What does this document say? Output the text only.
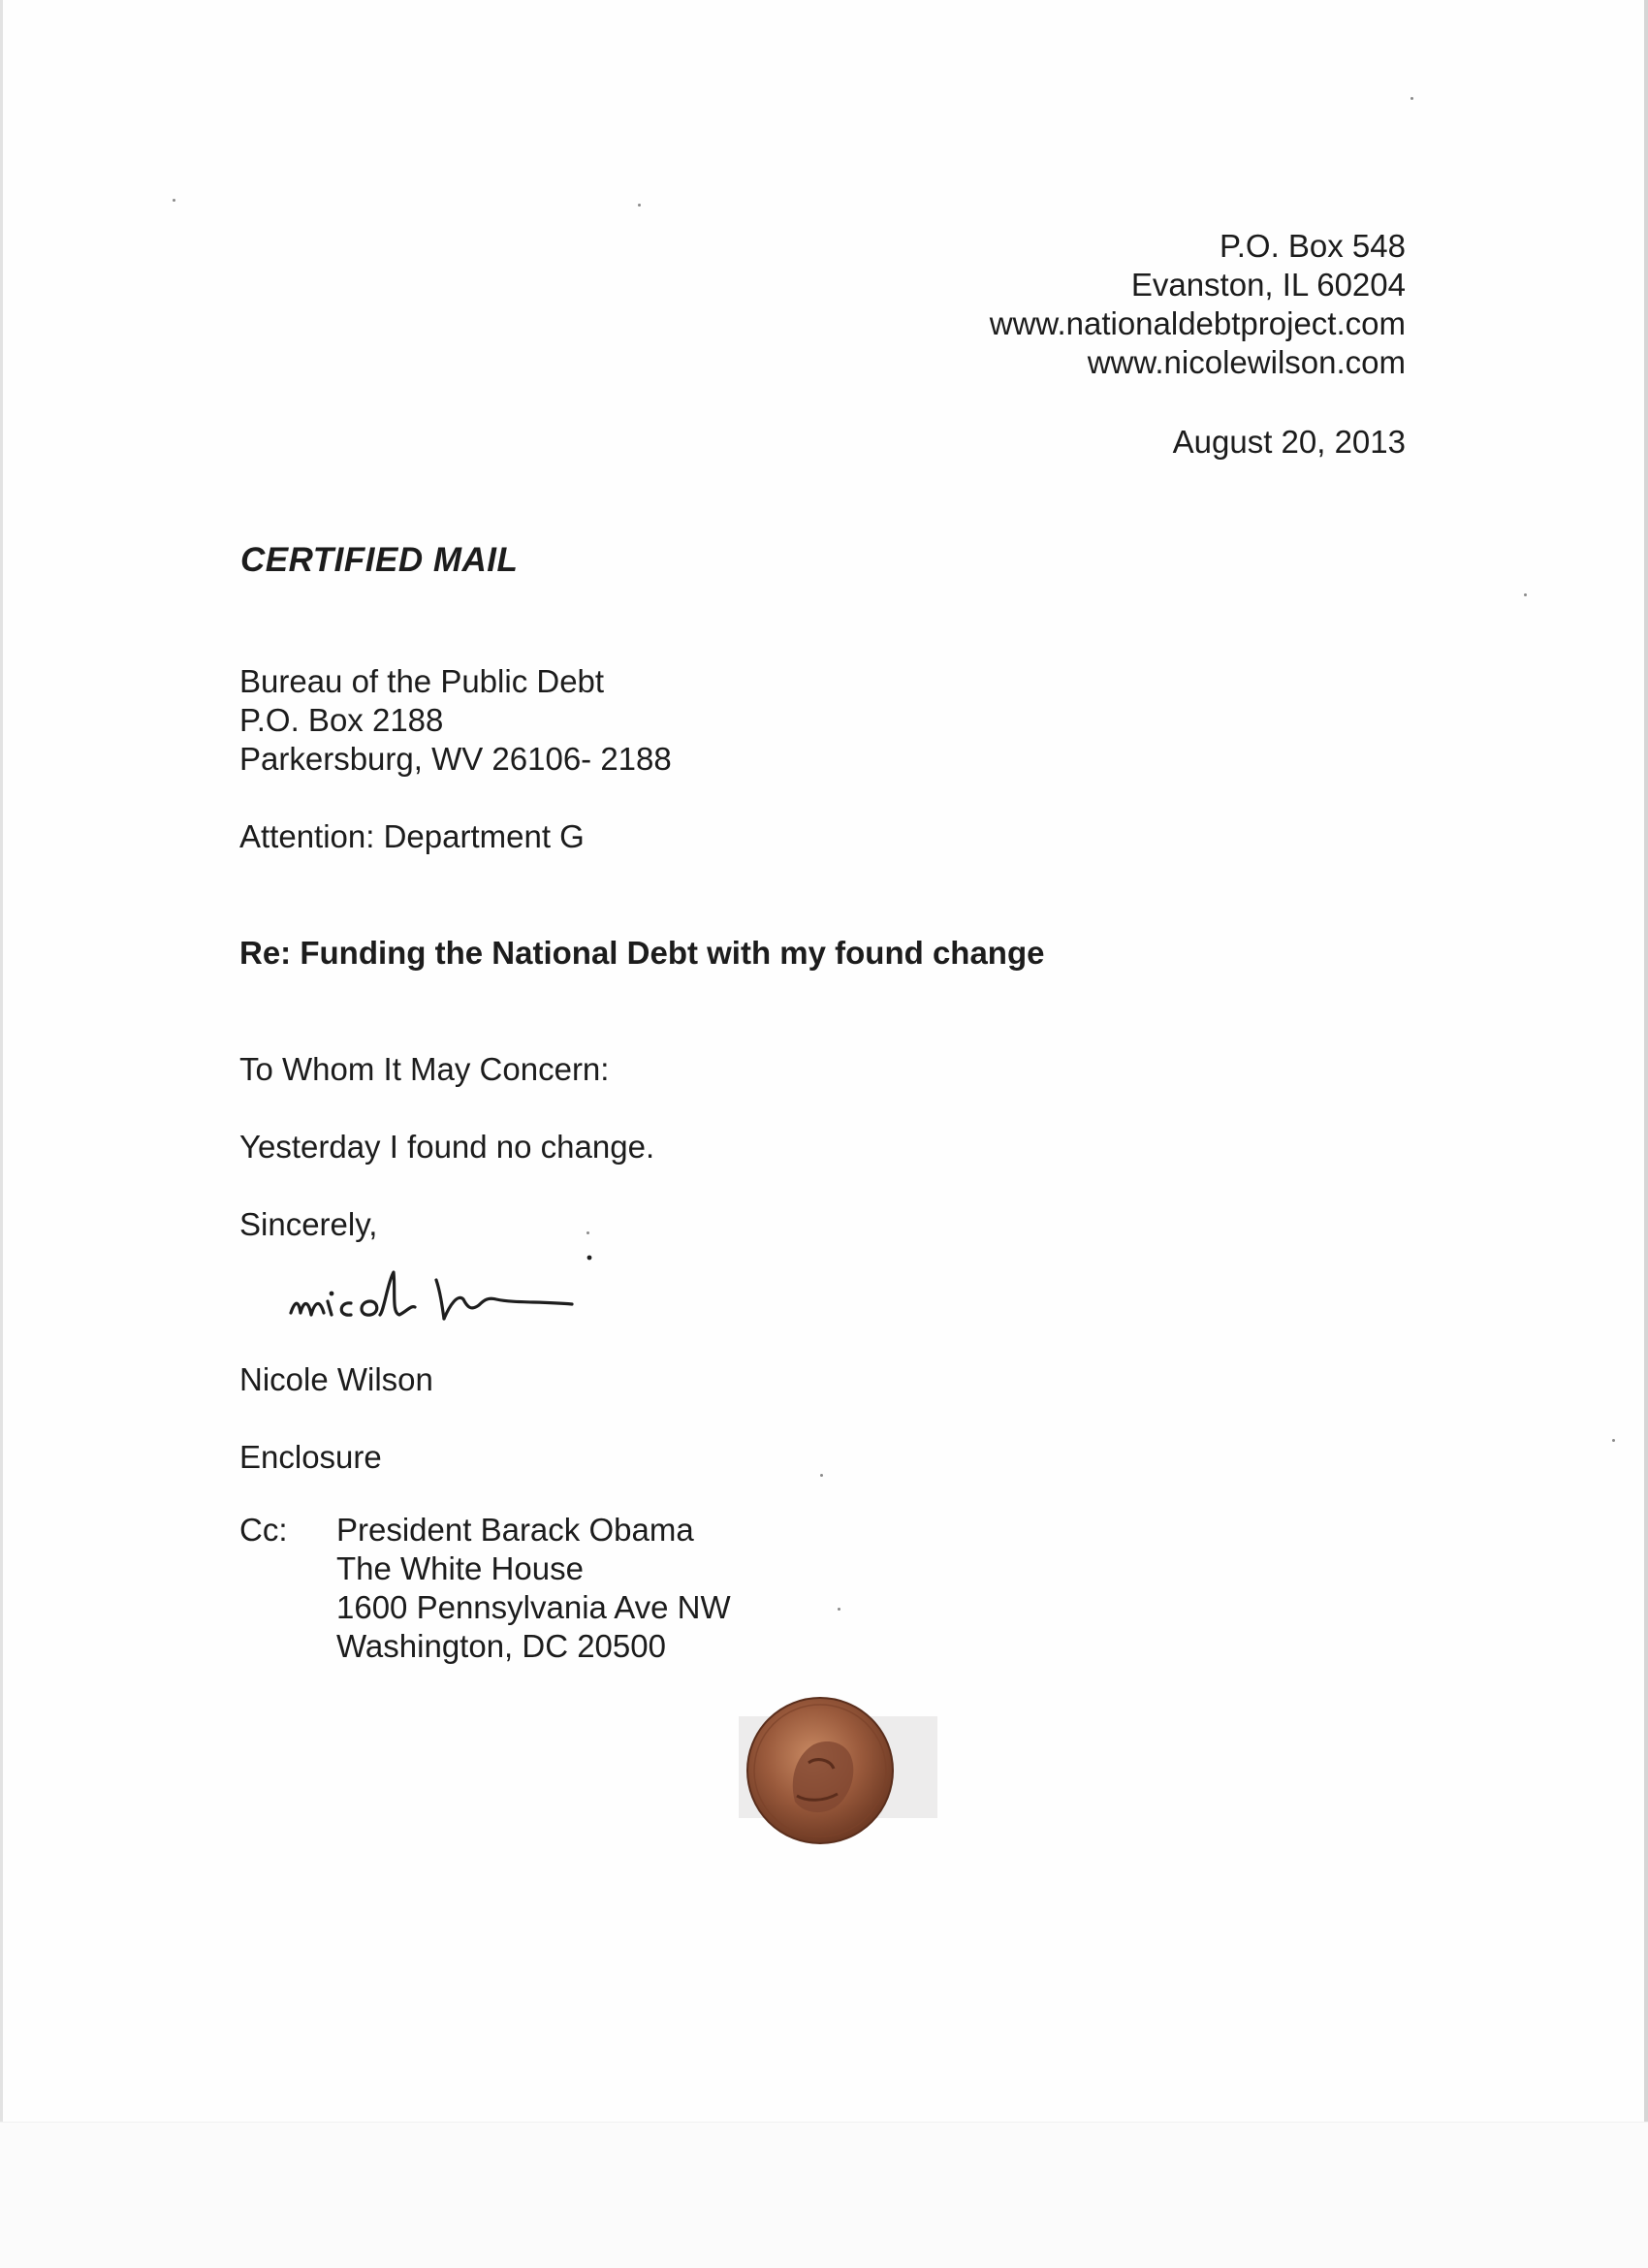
P.O. Box 548
Evanston, IL 60204
www.nationaldebtproject.com
www.nicolewilson.com
August 20, 2013
CERTIFIED MAIL
Bureau of the Public Debt
P.O. Box 2188
Parkersburg, WV 26106- 2188
Attention: Department G
Re: Funding the National Debt with my found change
To Whom It May Concern:
Yesterday I found no change.
Sincerely,
Nicole Wilson
Enclosure
Cc: President Barack Obama
The White House
1600 Pennsylvania Ave NW
Washington, DC 20500
